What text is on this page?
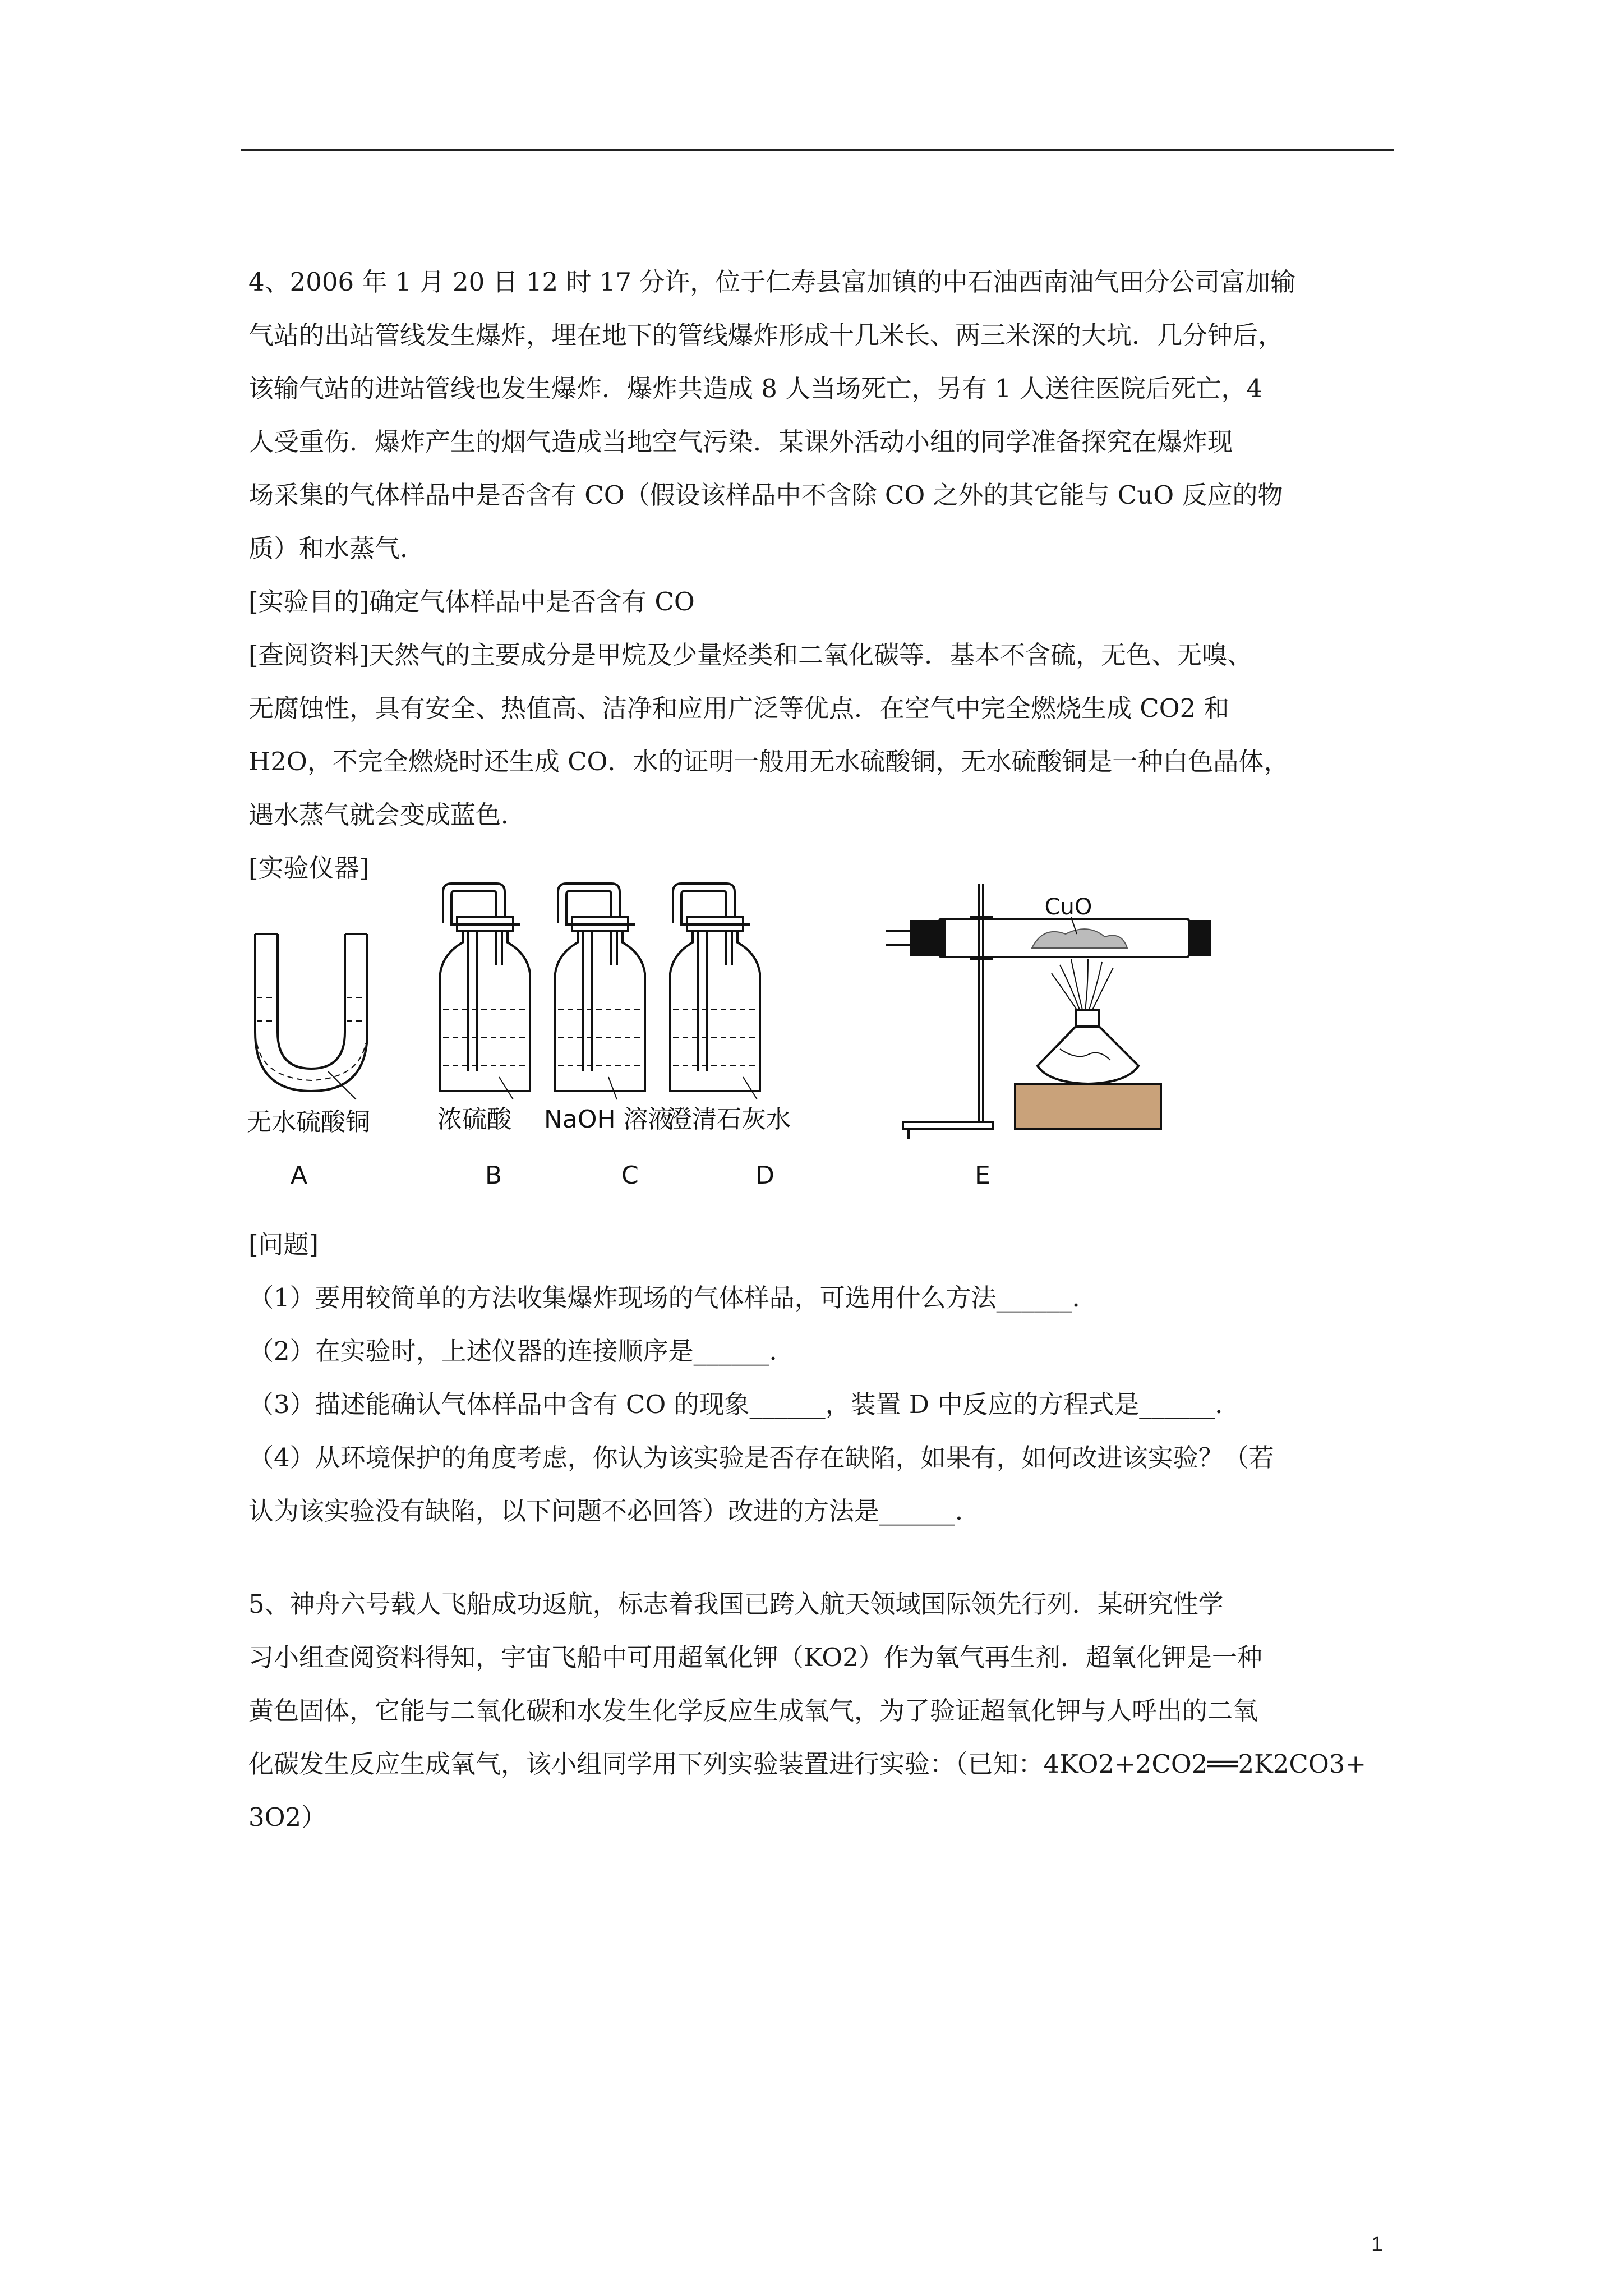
4、2006 年 1 月 20 日 12 时 17 分许，位于仁寿县富加镇的中石油西南油气田分公司富加输
气站的出站管线发生爆炸，埋在地下的管线爆炸形成十几米长、两三米深的大坑．几分钟后，
该输气站的进站管线也发生爆炸．爆炸共造成 8 人当场死亡，另有 1 人送往医院后死亡，4
人受重伤．爆炸产生的烟气造成当地空气污染．某课外活动小组的同学准备探究在爆炸现
场采集的气体样品中是否含有 CO（假设该样品中不含除 CO 之外的其它能与 CuO 反应的物
质）和水蒸气．
[实验目的]确定气体样品中是否含有 CO
[查阅资料]天然气的主要成分是甲烷及少量烃类和二氧化碳等．基本不含硫，无色、无嗅、
无腐蚀性，具有安全、热值高、洁净和应用广泛等优点．在空气中完全燃烧生成 CO2 和
H2O，不完全燃烧时还生成 CO．水的证明一般用无水硫酸铜，无水硫酸铜是一种白色晶体，
遇水蒸气就会变成蓝色．
[实验仪器]
CuO
无水硫酸铜	浓硫酸 NaOH 溶液
澄清石灰水
A	B	C	D	E
[问题]
（1）要用较简单的方法收集爆炸现场的气体样品，可选用什么方法______．
（2）在实验时，上述仪器的连接顺序是______．
（3）描述能确认气体样品中含有 CO 的现象______，装置 D 中反应的方程式是______．
（4）从环境保护的角度考虑，你认为该实验是否存在缺陷，如果有，如何改进该实验？（若
认为该实验没有缺陷，以下问题不必回答）改进的方法是______．
5、神舟六号载人飞船成功返航，标志着我国已跨入航天领域国际领先行列．某研究性学
习小组查阅资料得知，宇宙飞船中可用超氧化钾（KO2）作为氧气再生剂．超氧化钾是一种
黄色固体，它能与二氧化碳和水发生化学反应生成氧气，为了验证超氧化钾与人呼出的二氧
化碳发生反应生成氧气，该小组同学用下列实验装置进行实验：（已知：4KO2+2CO2══2K2CO3+
3O2）
1
